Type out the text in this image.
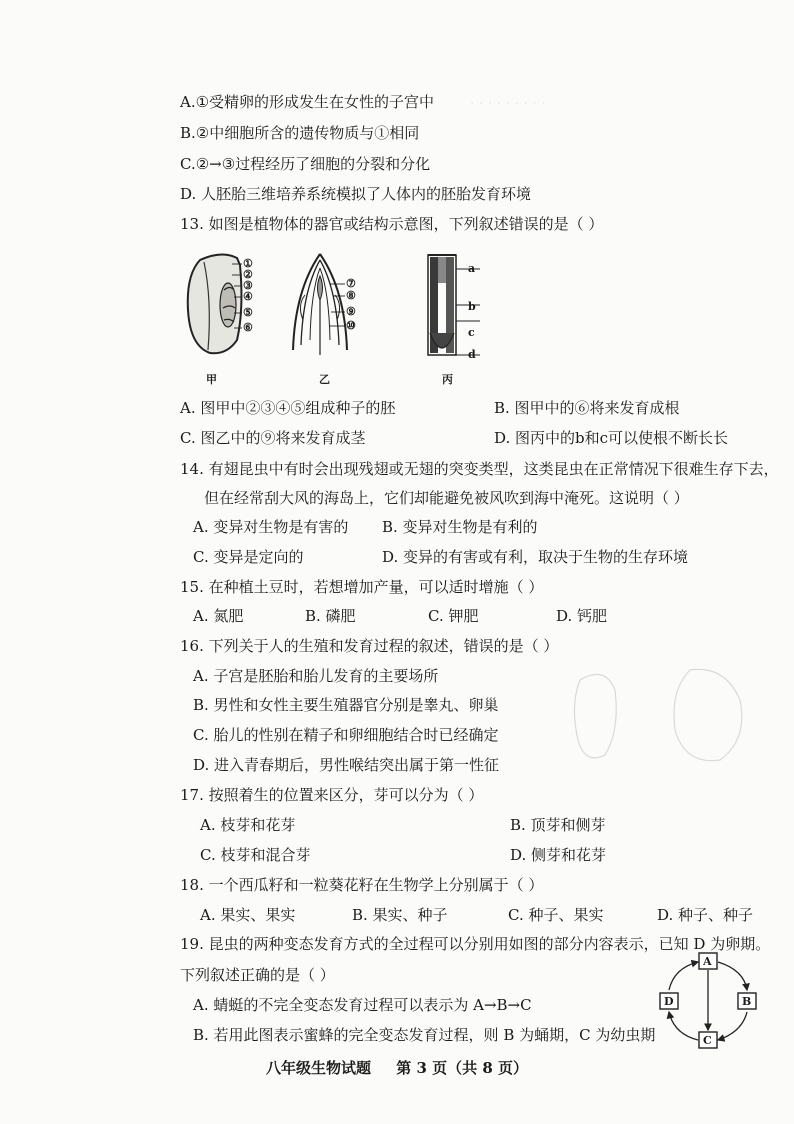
· · · · · · · · ·
A.①受精卵的形成发生在女性的子宫中
B.②中细胞所含的遗传物质与①相同
C.②→③过程经历了细胞的分裂和分化
D. 人胚胎三维培养系统模拟了人体内的胚胎发育环境
13. 如图是植物体的器官或结构示意图，下列叙述错误的是（ ）
①
②
③
④
⑤
⑥
⑦
⑧
⑨
⑩
a
b
c
d
甲	乙	丙
A. 图甲中②③④⑤组成种子的胚	B. 图甲中的⑥将来发育成根
C. 图乙中的⑨将来发育成茎	D. 图丙中的b和c可以使根不断长长
14. 有翅昆虫中有时会出现残翅或无翅的突变类型，这类昆虫在正常情况下很难生存下去，
但在经常刮大风的海岛上，它们却能避免被风吹到海中淹死。这说明（ ）
A. 变异对生物是有害的 B. 变异对生物是有利的
C. 变异是定向的	D. 变异的有害或有利，取决于生物的生存环境
15. 在种植土豆时，若想增加产量，可以适时增施（ ）
A. 氮肥	B. 磷肥	C. 钾肥	D. 钙肥
16. 下列关于人的生殖和发育过程的叙述，错误的是（ ）
A. 子宫是胚胎和胎儿发育的主要场所
B. 男性和女性主要生殖器官分别是睾丸、卵巢
C. 胎儿的性别在精子和卵细胞结合时已经确定
D. 进入青春期后，男性喉结突出属于第一性征
17. 按照着生的位置来区分，芽可以分为（ ）
A. 枝芽和花芽	B. 顶芽和侧芽
C. 枝芽和混合芽	D. 侧芽和花芽
18. 一个西瓜籽和一粒葵花籽在生物学上分别属于（ ）
A. 果实、果实	B. 果实、种子	C. 种子、果实	D. 种子、种子
19. 昆虫的两种变态发育方式的全过程可以分别用如图的部分内容表示，已知 D 为卵期。
下列叙述正确的是（ ）
A. 蜻蜓的不完全变态发育过程可以表示为 A→B→C
B. 若用此图表示蜜蜂的完全变态发育过程，则 B 为蛹期，C 为幼虫期
A
B
C
D
八年级生物试题 第 3 页（共 8 页）
